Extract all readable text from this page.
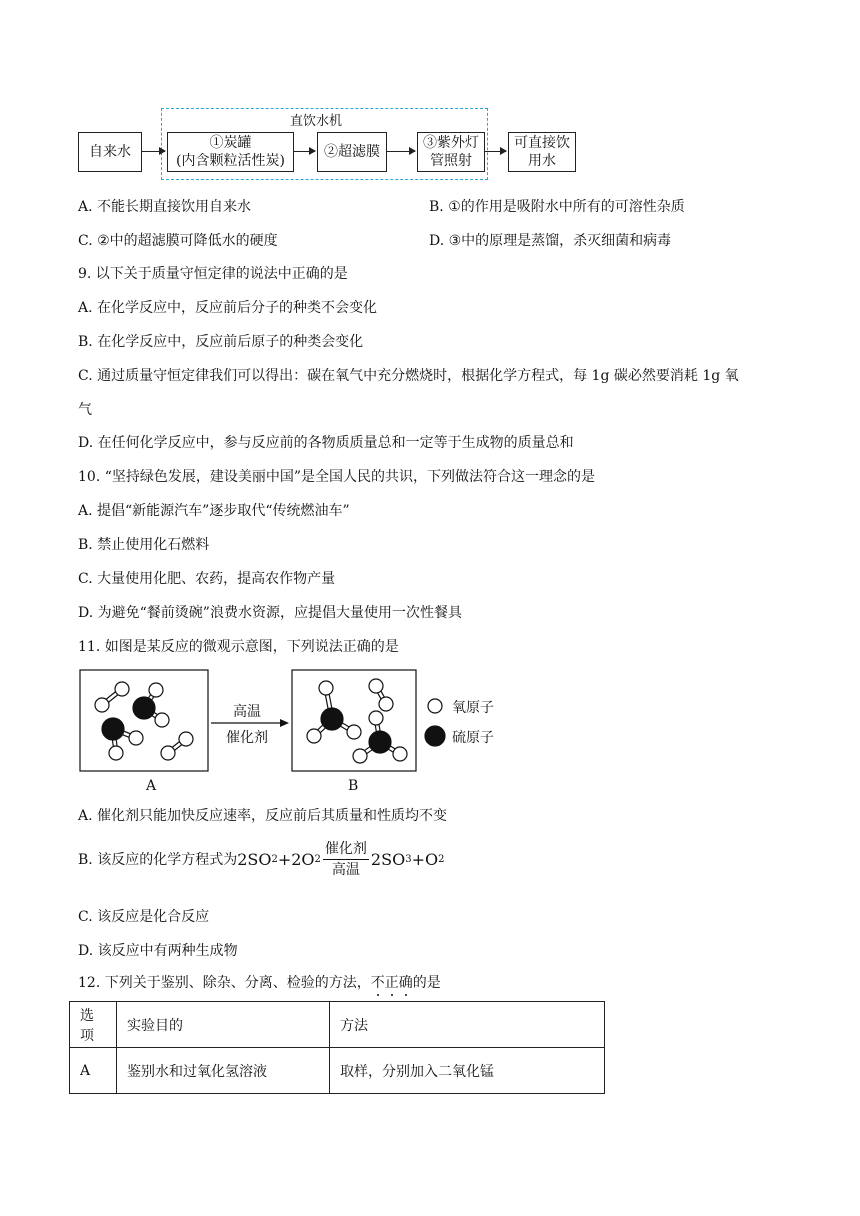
直饮水机
自来水
①炭罐
(内含颗粒活性炭)
②超滤膜
③紫外灯
管照射
可直接饮
用水
A. 不能长期直接饮用自来水	B. ①的作用是吸附水中所有的可溶性杂质
C. ②中的超滤膜可降低水的硬度	D. ③中的原理是蒸馏，杀灭细菌和病毒
9. 以下关于质量守恒定律的说法中正确的是
A. 在化学反应中，反应前后分子的种类不会变化
B. 在化学反应中，反应前后原子的种类会变化
C. 通过质量守恒定律我们可以得出：碳在氧气中充分燃烧时，根据化学方程式，每 1g 碳必然要消耗 1g 氧
气
D. 在任何化学反应中，参与反应前的各物质质量总和一定等于生成物的质量总和
10. “坚持绿色发展，建设美丽中国”是全国人民的共识，下列做法符合这一理念的是
A. 提倡“新能源汽车”逐步取代“传统燃油车”
B. 禁止使用化石燃料
C. 大量使用化肥、农药，提高农作物产量
D. 为避免“餐前烫碗”浪费水资源，应提倡大量使用一次性餐具
11. 如图是某反应的微观示意图，下列说法正确的是
高温
催化剂
A	B
氧原子
硫原子
A. 催化剂只能加快反应速率，反应前后其质量和性质均不变
B. 该反应的化学方程式为 2SO 2 +2O $2 \frac{\text{催化剂}}{\text{高温}} 2SO$ 3 +O 2
C. 该反应是化合反应
D. 该反应中有两种生成物
12. 下列关于鉴别、除杂、分离、检验的方法，不正确的是
选项	实验目的	方法
A	鉴别水和过氧化氢溶液	取样，分别加入二氧化锰
